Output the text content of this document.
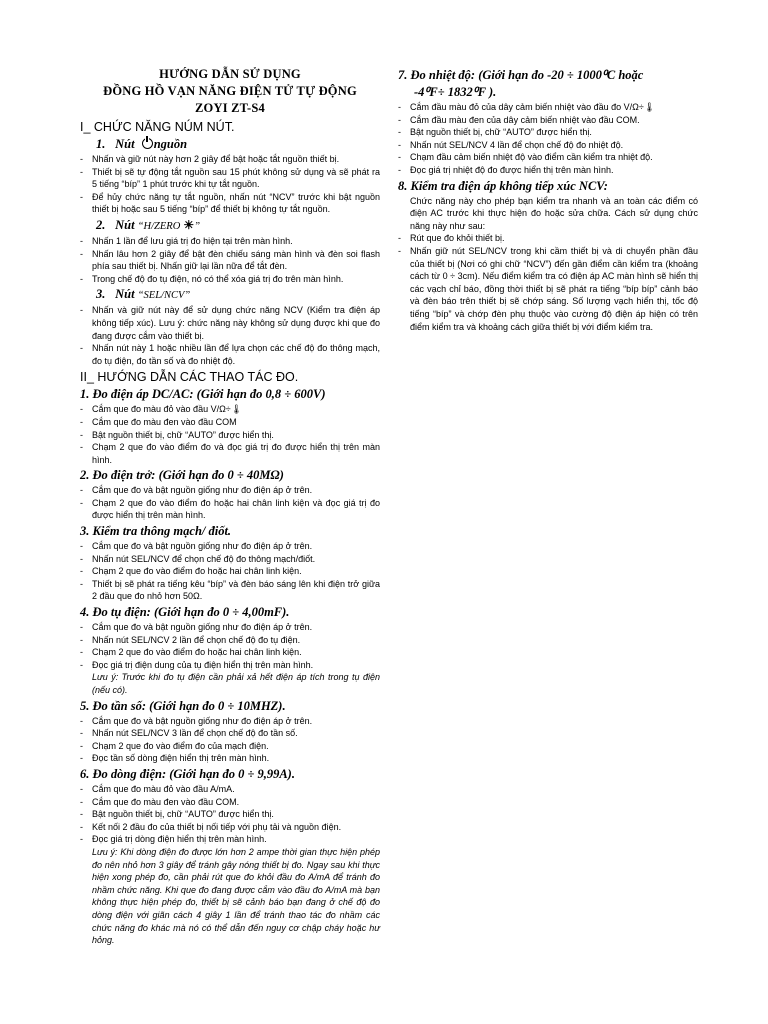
HƯỚNG DẪN SỬ DỤNG
ĐỒNG HỒ VẠN NĂNG ĐIỆN TỬ TỰ ĐỘNG
ZOYI ZT-S4
I_ CHỨC NĂNG NÚM NÚT.
1. Nút nguồn
- Nhấn và giữ nút này hơn 2 giây để bật hoặc tắt nguồn thiết bị.
- Thiết bị sẽ tự động tắt nguồn sau 15 phút không sử dụng và sẽ phát ra 5 tiếng “bíp” 1 phút trước khi tự tắt nguồn.
- Để hủy chức năng tự tắt nguồn, nhấn nút “NCV” trước khi bật nguồn thiết bị hoặc sau 5 tiếng “bíp” để thiết bị không tự tắt nguồn.
2. Nút “H/ZERO ☀”
- Nhấn 1 lần để lưu giá trị đo hiện tại trên màn hình.
- Nhấn lâu hơn 2 giây để bật đèn chiếu sáng màn hình và đèn soi flash phía sau thiết bị. Nhấn giữ lại lần nữa để tắt đèn.
- Trong chế độ đo tụ điện, nó có thể xóa giá trị đo trên màn hình.
3. Nút “SEL/NCV”
- Nhấn và giữ nút này để sử dụng chức năng NCV (Kiểm tra điện áp không tiếp xúc). Lưu ý: chức năng này không sử dụng được khi que đo đang được cắm vào thiết bị.
- Nhấn nút này 1 hoặc nhiều lần để lựa chọn các chế độ đo thông mạch, đo tụ điện, đo tần số và đo nhiệt độ.
II_ HƯỚNG DẪN CÁC THAO TÁC ĐO.
1. Đo điện áp DC/AC: (Giới hạn đo 0,8 ÷ 600V)
- Cắm que đo màu đỏ vào đầu V/Ω÷🌡
- Cắm que đo màu đen vào đầu COM
- Bật nguồn thiết bị, chữ “AUTO” được hiển thị.
- Chạm 2 que đo vào điểm đo và đọc giá trị đo được hiển thị trên màn hình.
2. Đo điện trở: (Giới hạn đo 0 ÷ 40MΩ)
- Cắm que đo và bật nguồn giống như đo điện áp ở trên.
- Chạm 2 que đo vào điểm đo hoặc hai chân linh kiện và đọc giá trị đo được hiển thị trên màn hình.
3. Kiểm tra thông mạch/ điốt.
- Cắm que đo và bật nguồn giống như đo điện áp ở trên.
- Nhấn nút SEL/NCV để chọn chế độ đo thông mạch/điốt.
- Chạm 2 que đo vào điểm đo hoặc hai chân linh kiện.
- Thiết bị sẽ phát ra tiếng kêu “bíp” và đèn báo sáng lên khi điện trở giữa 2 đầu que đo nhỏ hơn 50Ω.
4. Đo tụ điện: (Giới hạn đo 0 ÷ 4,00mF).
- Cắm que đo và bật nguồn giống như đo điện áp ở trên.
- Nhấn nút SEL/NCV 2 lần để chọn chế độ đo tụ điện.
- Chạm 2 que đo vào điểm đo hoặc hai chân linh kiện.
- Đọc giá trị điện dung của tụ điện hiển thị trên màn hình.
Lưu ý: Trước khi đo tụ điện cần phải xả hết điện áp tích trong tụ điện (nếu có).
5. Đo tần số: (Giới hạn đo 0 ÷ 10MHZ).
- Cắm que đo và bật nguồn giống như đo điện áp ở trên.
- Nhấn nút SEL/NCV 3 lần để chọn chế độ đo tần số.
- Chạm 2 que đo vào điểm đo của mạch điện.
- Đọc tần số dòng điện hiển thị trên màn hình.
6. Đo dòng điện: (Giới hạn đo 0 ÷ 9,99A).
- Cắm que đo màu đỏ vào đầu A/mA.
- Cắm que đo màu đen vào đầu COM.
- Bật nguồn thiết bị, chữ “AUTO” được hiển thị.
- Kết nối 2 đầu đo của thiết bị nối tiếp với phụ tải và nguồn điện.
- Đọc giá trị dòng điện hiển thị trên màn hình.
Lưu ý: Khi dòng điện đo được lớn hơn 2 ampe thời gian thực hiện phép đo nên nhỏ hơn 3 giây để tránh gây nóng thiết bị đo. Ngay sau khi thực hiện xong phép đo, cần phải rút que đo khỏi đầu đo A/mA để tránh đo nhầm chức năng. Khi que đo đang được cắm vào đầu đo A/mA mà bạn không thực hiện phép đo, thiết bị sẽ cảnh báo bạn đang ở chế độ đo dòng điện với giãn cách 4 giây 1 lần để tránh thao tác đo nhầm các chức năng đo khác mà nó có thể dẫn đến nguy cơ chập cháy hoặc hư hỏng.
7. Đo nhiệt độ: (Giới hạn đo -20 ÷ 1000⁰C hoặc
-4⁰F÷ 1832⁰F ).
- Cắm đầu màu đỏ của dây cảm biến nhiệt vào đầu đo V/Ω÷🌡
- Cắm đầu màu đen của dây cảm biến nhiệt vào đầu COM.
- Bật nguồn thiết bị, chữ “AUTO” được hiển thị.
- Nhấn nút SEL/NCV 4 lần để chọn chế độ đo nhiệt độ.
- Chạm đầu cảm biến nhiệt độ vào điểm cần kiểm tra nhiệt độ.
- Đọc giá trị nhiệt độ đo được hiển thị trên màn hình.
8. Kiểm tra điện áp không tiếp xúc NCV:
Chức năng này cho phép bạn kiểm tra nhanh và an toàn các điểm có điện AC trước khi thực hiện đo hoặc sửa chữa. Cách sử dụng chức năng này như sau:
- Rút que đo khỏi thiết bị.
- Nhấn giữ nút SEL/NCV trong khi cầm thiết bị và di chuyển phần đầu của thiết bị (Nơi có ghi chữ “NCV”) đến gần điểm cần kiểm tra (khoảng cách từ 0 ÷ 3cm). Nếu điểm kiểm tra có điện áp AC màn hình sẽ hiển thị các vạch chỉ báo, đồng thời thiết bị sẽ phát ra tiếng “bíp bíp” cảnh báo và đèn báo trên thiết bị sẽ chớp sáng. Số lượng vạch hiển thị, tốc độ tiếng “bíp” và chớp đèn phụ thuộc vào cường độ điện áp hiện có trên điểm kiểm tra và khoảng cách giữa thiết bị với điểm kiểm tra.
